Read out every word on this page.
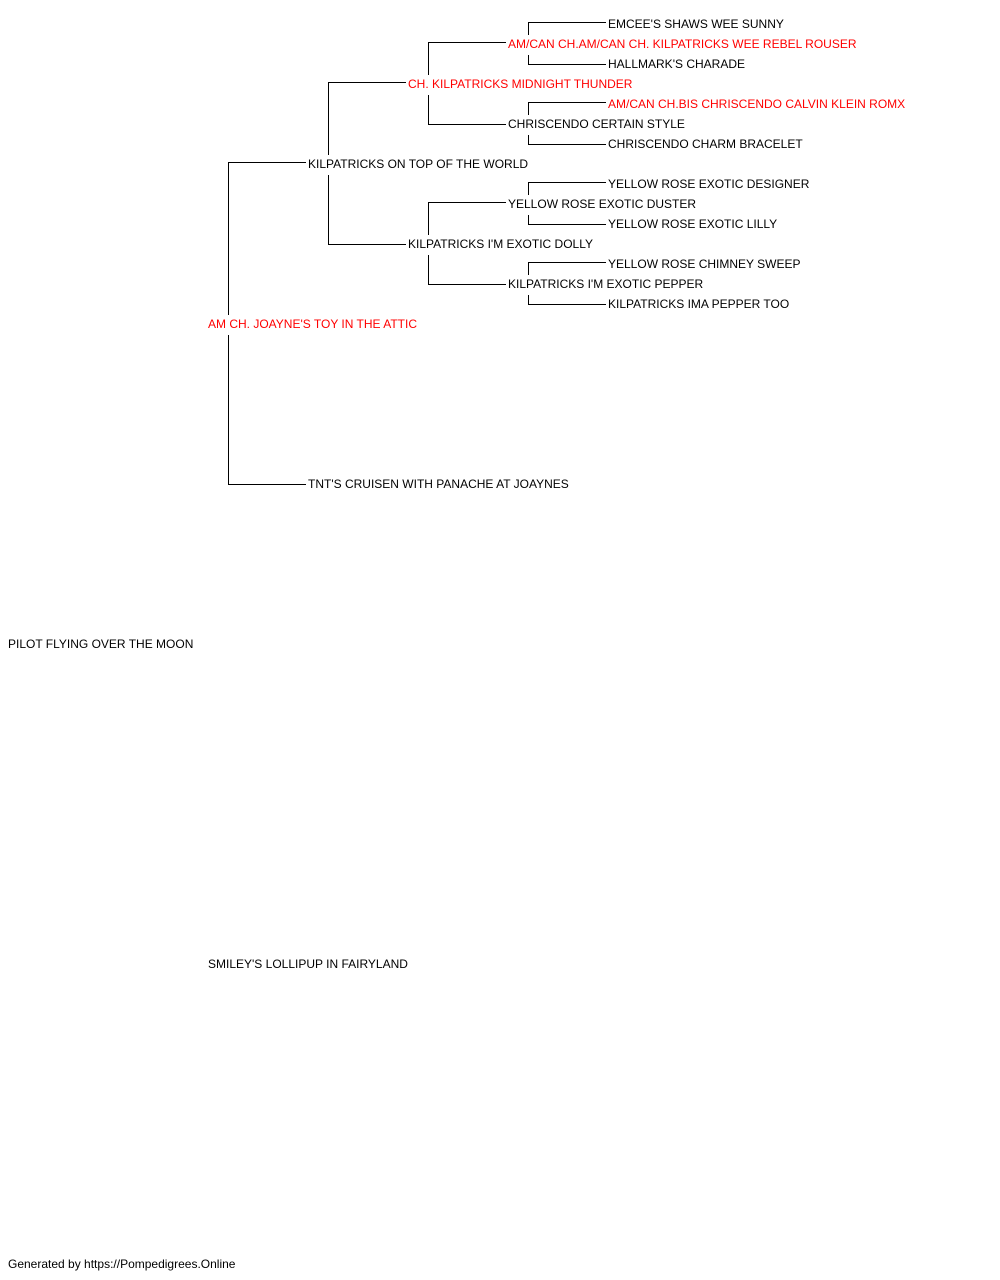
PILOT FLYING OVER THE MOON
AM CH. JOAYNE'S TOY IN THE ATTIC
SMILEY'S LOLLIPUP IN FAIRYLAND
KILPATRICKS ON TOP OF THE WORLD
TNT'S CRUISEN WITH PANACHE AT JOAYNES
CH. KILPATRICKS MIDNIGHT THUNDER
KILPATRICKS I'M EXOTIC DOLLY
AM/CAN CH.AM/CAN CH. KILPATRICKS WEE REBEL ROUSER
CHRISCENDO CERTAIN STYLE
YELLOW ROSE EXOTIC DUSTER
KILPATRICKS I'M EXOTIC PEPPER
EMCEE'S SHAWS WEE SUNNY
HALLMARK'S CHARADE
AM/CAN CH.BIS CHRISCENDO CALVIN KLEIN ROMX
CHRISCENDO CHARM BRACELET
YELLOW ROSE EXOTIC DESIGNER
YELLOW ROSE EXOTIC LILLY
YELLOW ROSE CHIMNEY SWEEP
KILPATRICKS IMA PEPPER TOO
Generated by https://Pompedigrees.Online
